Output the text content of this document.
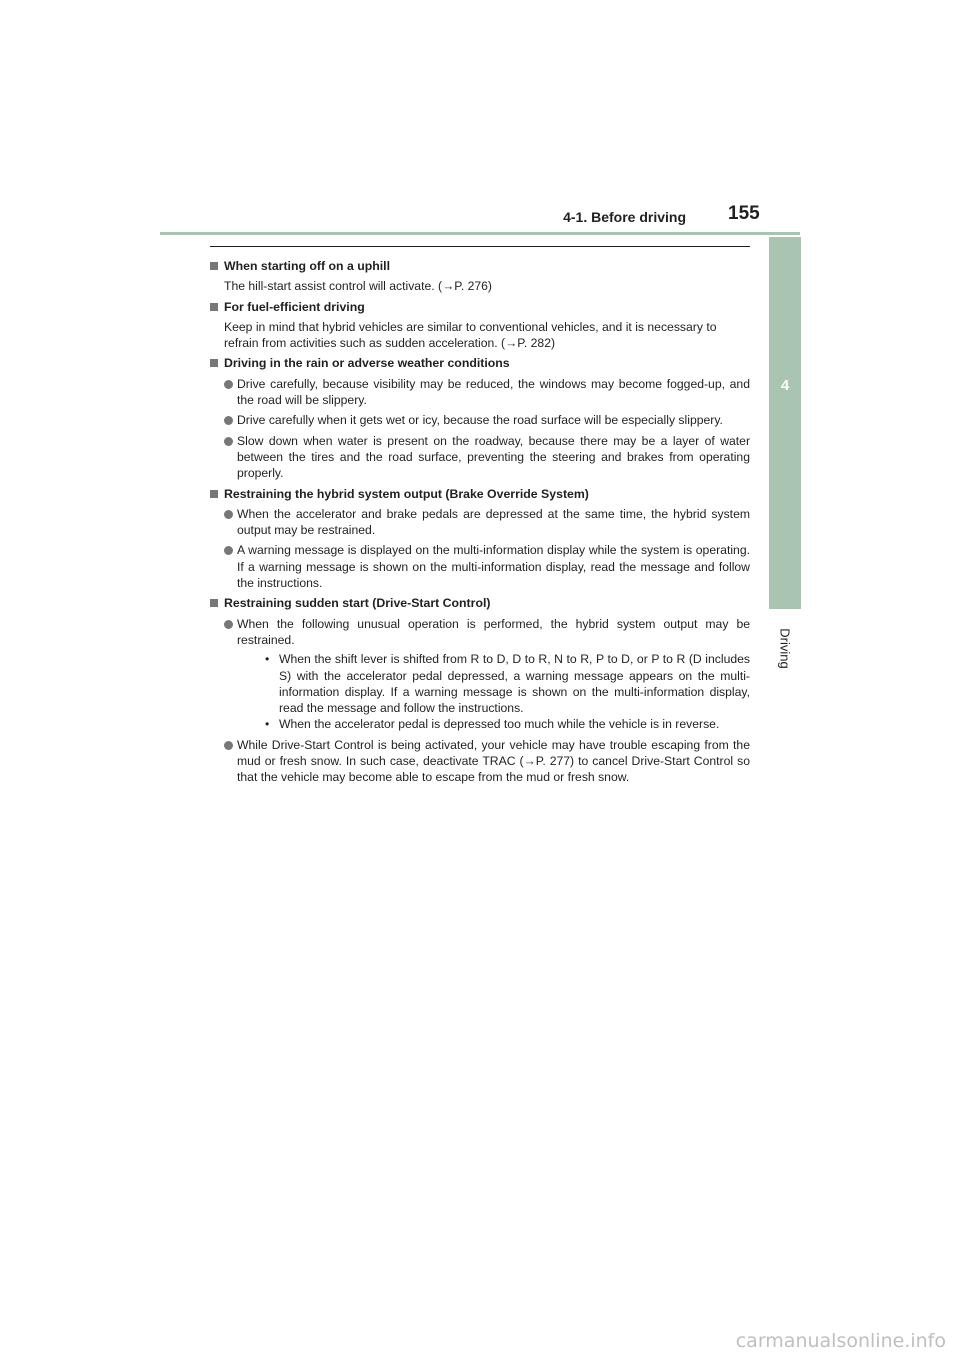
4-1. Before driving 155
4
Driving
When starting off on a uphill
The hill-start assist control will activate. (→P. 276)
For fuel-efficient driving
Keep in mind that hybrid vehicles are similar to conventional vehicles, and it is necessary to refrain from activities such as sudden acceleration. (→P. 282)
Driving in the rain or adverse weather conditions
Drive carefully, because visibility may be reduced, the windows may become fogged-up, and the road will be slippery.
Drive carefully when it gets wet or icy, because the road surface will be especially slippery.
Slow down when water is present on the roadway, because there may be a layer of water between the tires and the road surface, preventing the steering and brakes from operating properly.
Restraining the hybrid system output (Brake Override System)
When the accelerator and brake pedals are depressed at the same time, the hybrid system output may be restrained.
A warning message is displayed on the multi-information display while the system is operating. If a warning message is shown on the multi-information display, read the message and follow the instructions.
Restraining sudden start (Drive-Start Control)
When the following unusual operation is performed, the hybrid system output may be restrained.
• When the shift lever is shifted from R to D, D to R, N to R, P to D, or P to R (D includes S) with the accelerator pedal depressed, a warning message appears on the multi-information display. If a warning message is shown on the multi-information display, read the message and follow the instructions.
• When the accelerator pedal is depressed too much while the vehicle is in reverse.
While Drive-Start Control is being activated, your vehicle may have trouble escaping from the mud or fresh snow. In such case, deactivate TRAC (→P. 277) to cancel Drive-Start Control so that the vehicle may become able to escape from the mud or fresh snow.
carmanualsonline.info
